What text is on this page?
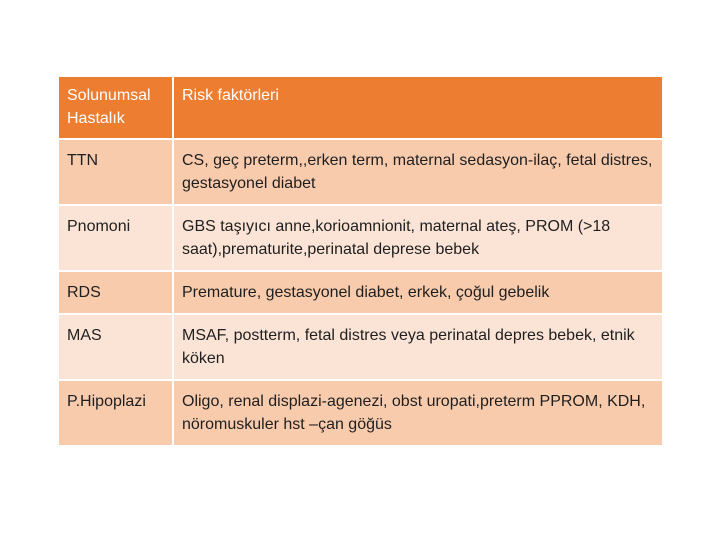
Solunumsal Hastalık	Risk faktörleri
TTN	CS, geç preterm,,erken term, maternal sedasyon-ilaç, fetal distres, gestasyonel diabet
Pnomoni	GBS taşıyıcı anne,korioamnionit, maternal ateş, PROM (>18 saat),prematurite,perinatal deprese bebek
RDS	Premature, gestasyonel diabet, erkek, çoğul gebelik
MAS	MSAF, postterm, fetal distres veya perinatal depres bebek, etnik köken
P.Hipoplazi	Oligo, renal displazi-agenezi, obst uropati,preterm PPROM, KDH, nöromuskuler hst –çan göğüs
